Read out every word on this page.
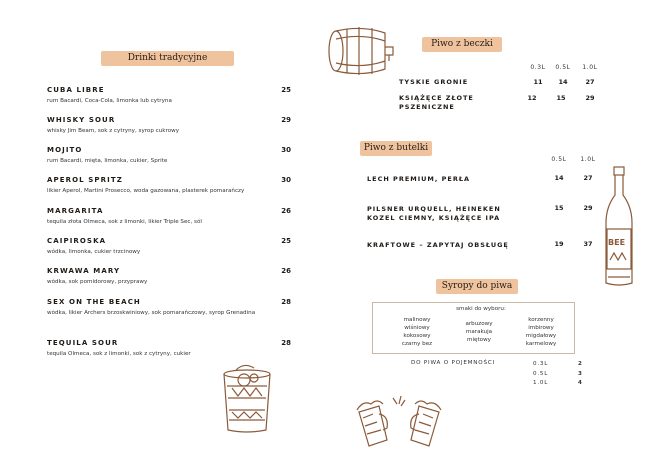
Drinki tradycyjne
CUBA LIBRE	25
rum Bacardi, Coca-Cola, limonka lub cytryna
WHISKY SOUR	29
whisky Jim Beam, sok z cytryny, syrop cukrowy
MOJITO	30
rum Bacardi, mięta, limonka, cukier, Sprite
APEROL SPRITZ	30
likier Aperol, Martini Prosecco, woda gazowana, plasterek pomarańczy
MARGARITA	26
tequila złota Olmeca, sok z limonki, likier Triple Sec, sól
CAIPIROSKA	25
wódka, limonka, cukier trzcinowy
KRWAWA MARY	26
wódka, sok pomidorowy, przyprawy
SEX ON THE BEACH	28
wódka, likier Archers brzoskwiniowy, sok pomarańczowy, syrop Grenadina
TEQUILA SOUR	28
tequila Olmeca, sok z limonki, sok z cytryny, cukier
Piwo z beczki
0.3L	0.5L	1.0L
TYSKIE GRONIE	11	14	27
KSIĄŻĘCE ZŁOTE
PSZENICZNE
12	15	29
Piwo z butelki
0.5L	1.0L
LECH PREMIUM, PERŁA	14	27
PILSNER URQUELL, HEINEKEN
KOZEL CIEMNY, KSIĄŻĘCE IPA
15	29
KRAFTOWE – ZAPYTAJ OBSŁUGĘ	19	37	BEE
Syropy do piwa
smaki do wyboru:
malinowy
wiśniowy
kokosowy
czarny bez
arbuzowy
marakuja
miętowy
korzenny
imbirowy
migdałowy
karmelowy
DO PIWA O POJEMNOŚCI	0.3L	2
0.5L	3
1.0L	4
